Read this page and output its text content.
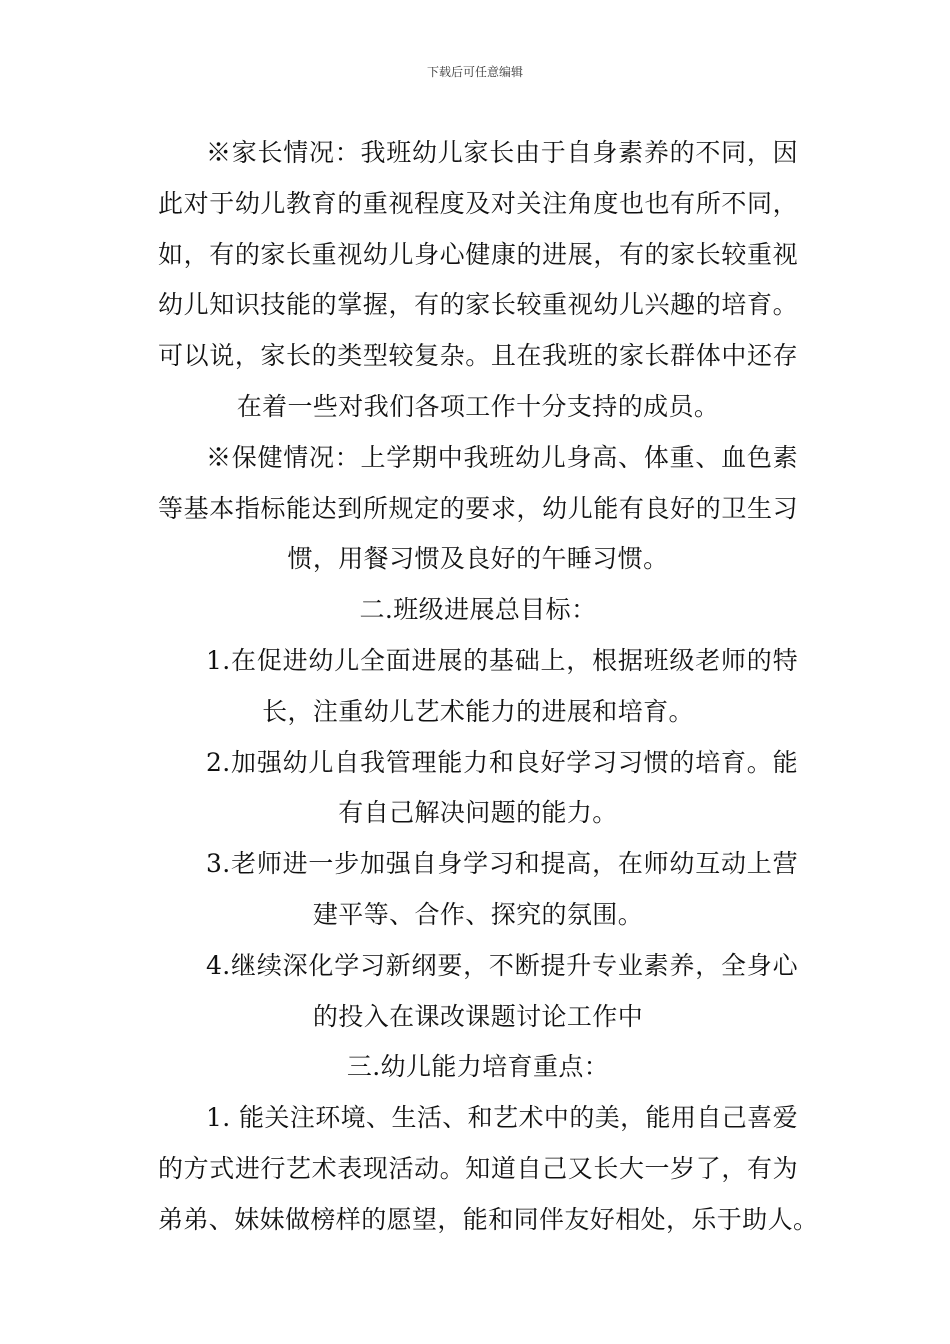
下载后可任意编辑
※家长情况：我班幼儿家长由于自身素养的不同，因
此对于幼儿教育的重视程度及对关注角度也也有所不同，
如，有的家长重视幼儿身心健康的进展，有的家长较重视
幼儿知识技能的掌握，有的家长较重视幼儿兴趣的培育。
可以说，家长的类型较复杂。且在我班的家长群体中还存
在着一些对我们各项工作十分支持的成员。
※保健情况：上学期中我班幼儿身高、体重、血色素
等基本指标能达到所规定的要求，幼儿能有良好的卫生习
惯，用餐习惯及良好的午睡习惯。
二.班级进展总目标：
1.在促进幼儿全面进展的基础上，根据班级老师的特
长，注重幼儿艺术能力的进展和培育。
2.加强幼儿自我管理能力和良好学习习惯的培育。能
有自己解决问题的能力。
3.老师进一步加强自身学习和提高，在师幼互动上营
建平等、合作、探究的氛围。
4.继续深化学习新纲要，不断提升专业素养，全身心
的投入在课改课题讨论工作中
三.幼儿能力培育重点：
1. 能关注环境、生活、和艺术中的美，能用自己喜爱
的方式进行艺术表现活动。知道自己又长大一岁了，有为
弟弟、妹妹做榜样的愿望，能和同伴友好相处，乐于助人。
